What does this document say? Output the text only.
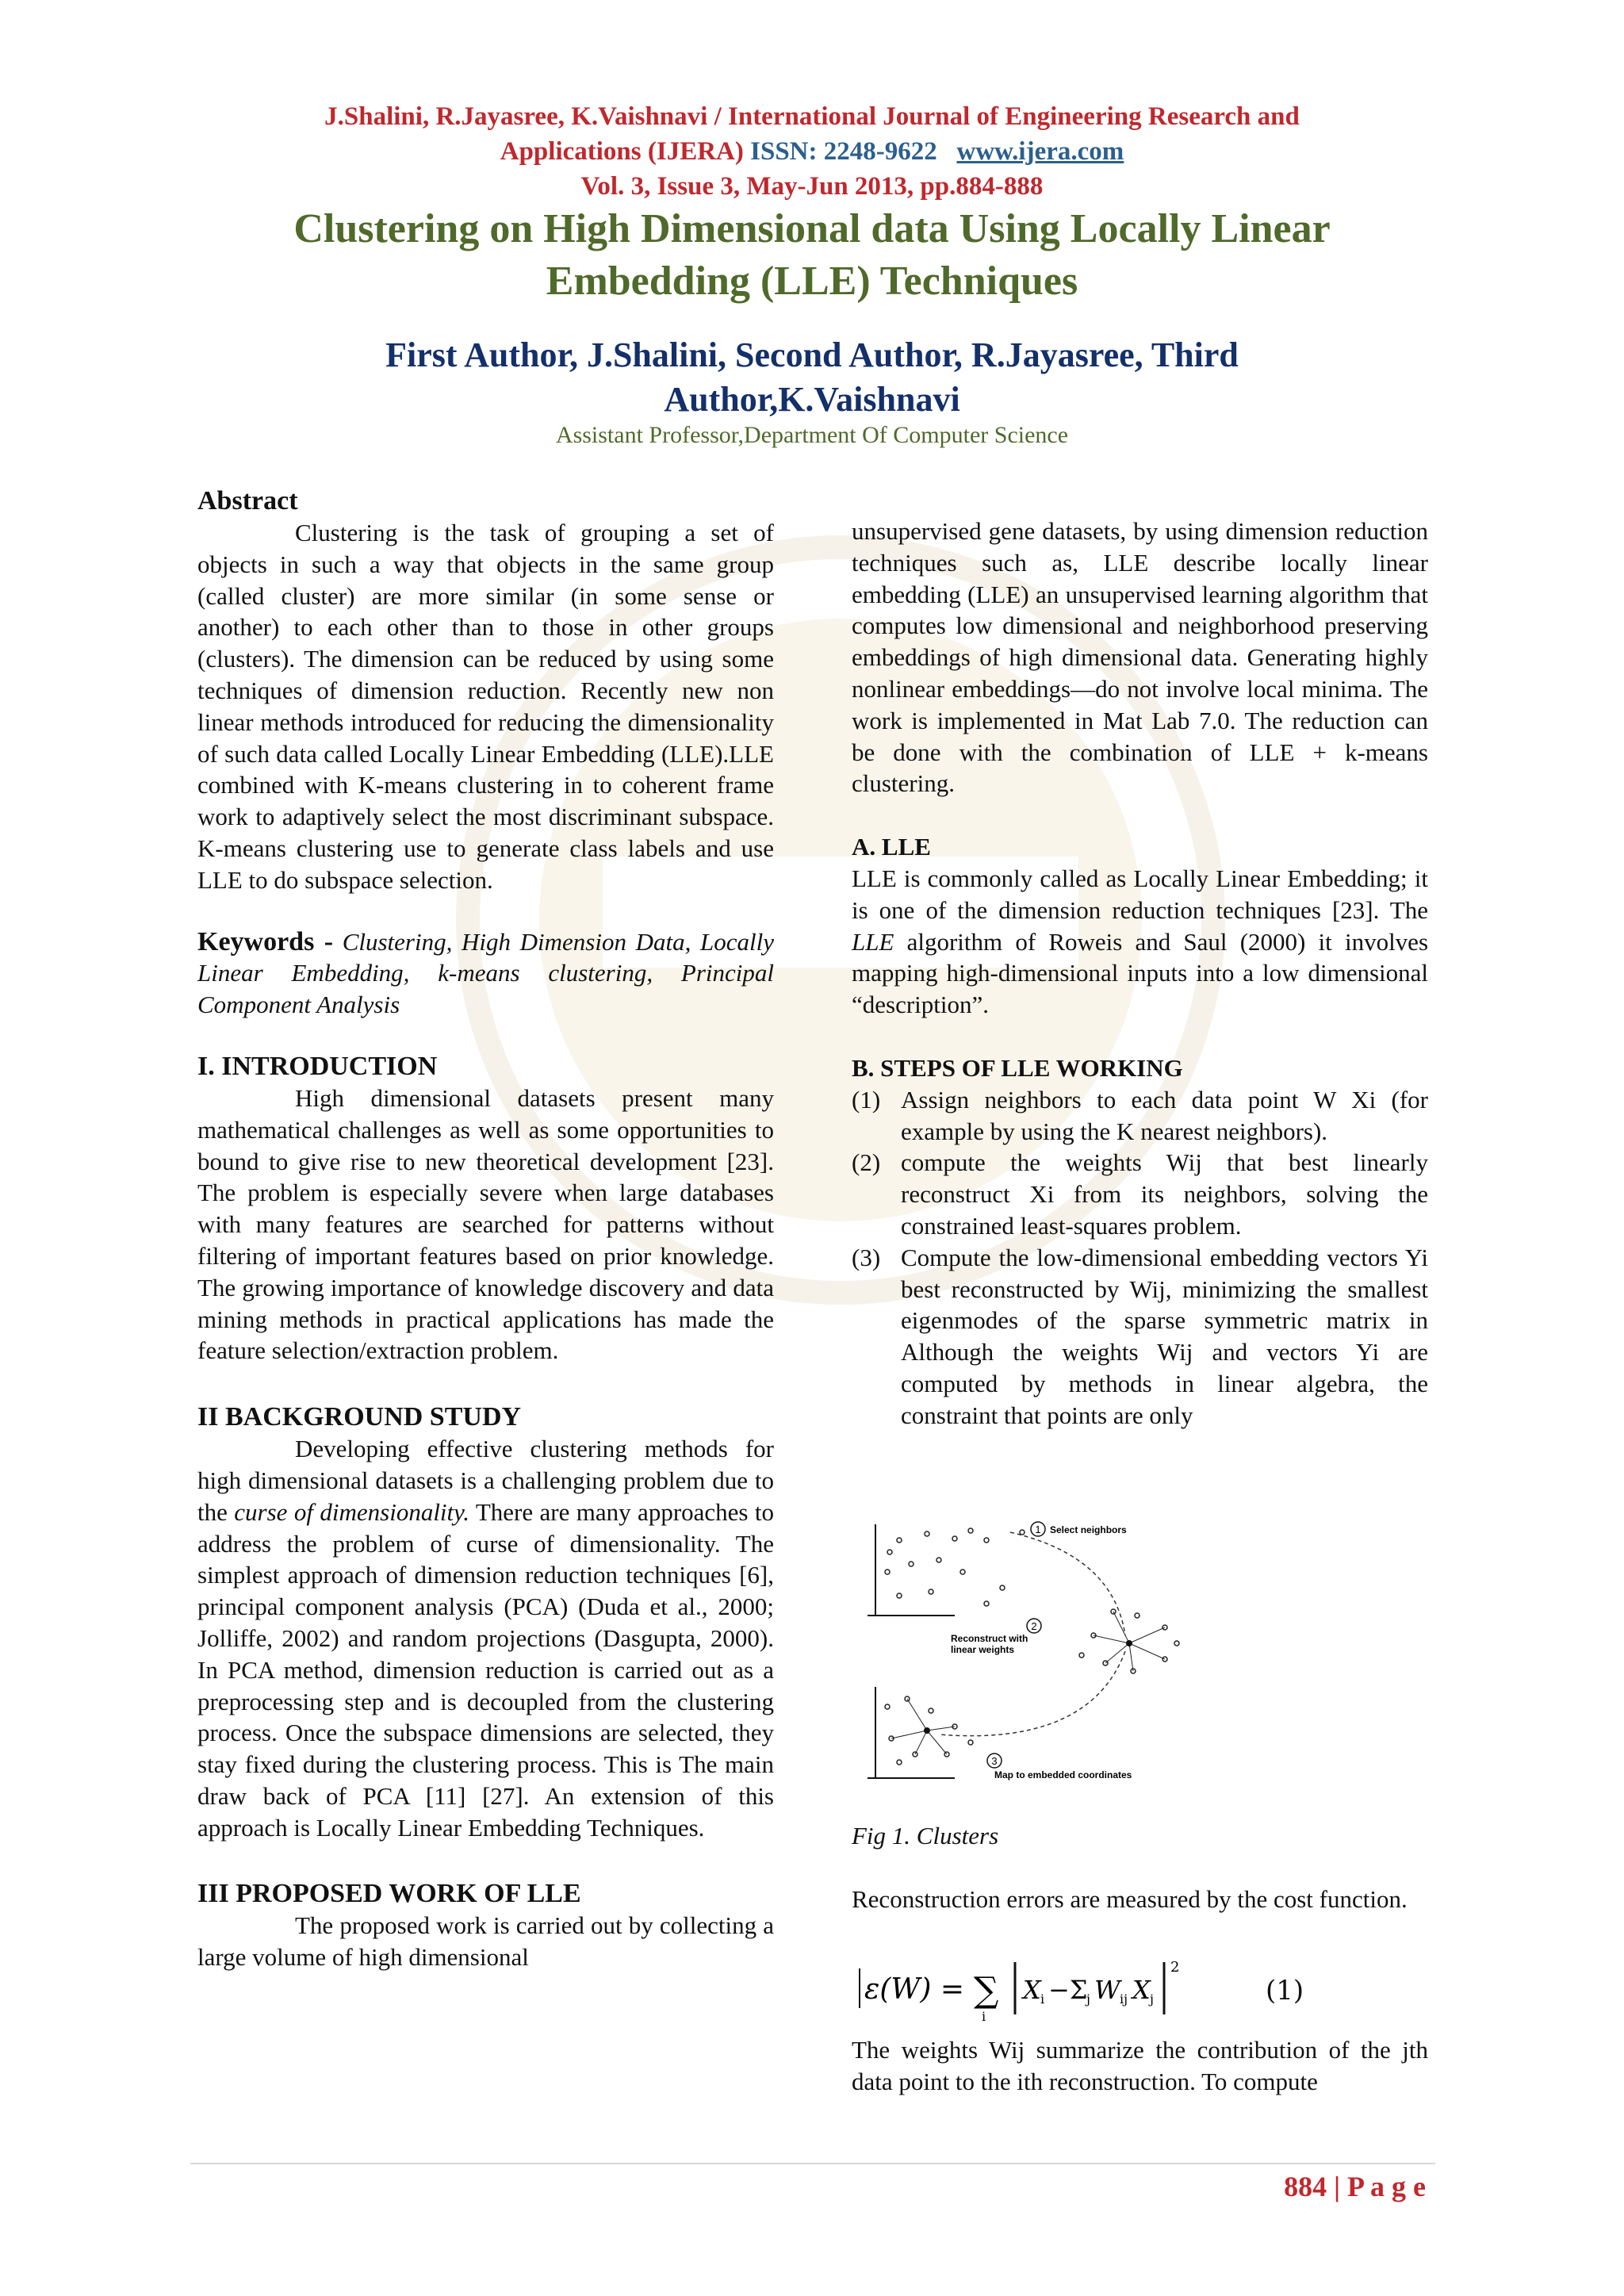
J.Shalini, R.Jayasree, K.Vaishnavi / International Journal of Engineering Research and
Applications (IJERA) ISSN: 2248-9622 www.ijera.com
Vol. 3, Issue 3, May-Jun 2013, pp.884-888
Clustering on High Dimensional data Using Locally Linear
Embedding (LLE) Techniques
First Author, J.Shalini, Second Author, R.Jayasree, Third
Author,K.Vaishnavi
Assistant Professor,Department Of Computer Science

Abstract

Clustering is the task of grouping a set of objects in such a way that objects in the same group (called cluster) are more similar (in some sense or another) to each other than to those in other groups (clusters). The dimension can be reduced by using some techniques of dimension reduction. Recently new non linear methods introduced for reducing the dimensionality of such data called Locally Linear Embedding (LLE).LLE combined with K-means clustering in to coherent frame work to adaptively select the most discriminant subspace. K-means clustering use to generate class labels and use LLE to do subspace selection.

Keywords - Clustering, High Dimension Data, Locally Linear Embedding, k-means clustering, Principal Component Analysis

I. INTRODUCTION

High dimensional datasets present many mathematical challenges as well as some opportunities to bound to give rise to new theoretical development [23]. The problem is especially severe when large databases with many features are searched for patterns without filtering of important features based on prior knowledge. The growing importance of knowledge discovery and data mining methods in practical applications has made the feature selection/extraction problem.

II BACKGROUND STUDY

Developing effective clustering methods for high dimensional datasets is a challenging problem due to the curse of dimensionality. There are many approaches to address the problem of curse of dimensionality. The simplest approach of dimension reduction techniques [6], principal component analysis (PCA) (Duda et al., 2000; Jolliffe, 2002) and random projections (Dasgupta, 2000). In PCA method, dimension reduction is carried out as a preprocessing step and is decoupled from the clustering process. Once the subspace dimensions are selected, they stay fixed during the clustering process. This is The main draw back of PCA [11] [27]. An extension of this approach is Locally Linear Embedding Techniques.

III PROPOSED WORK OF LLE

The proposed work is carried out by collecting a large volume of high dimensional

unsupervised gene datasets, by using dimension reduction techniques such as, LLE describe locally linear embedding (LLE) an unsupervised learning algorithm that computes low dimensional and neighborhood preserving embeddings of high dimensional data. Generating highly nonlinear embeddings—do not involve local minima. The work is implemented in Mat Lab 7.0. The reduction can be done with the combination of LLE + k-means clustering.

A. LLE

LLE is commonly called as Locally Linear Embedding; it is one of the dimension reduction techniques [23]. The LLE algorithm of Roweis and Saul (2000) it involves mapping high-dimensional inputs into a low dimensional “description”.

B. STEPS OF LLE WORKING

(1) Assign neighbors to each data point W Xi (for example by using the K nearest neighbors).
(2) compute the weights Wij that best linearly reconstruct Xi from its neighbors, solving the constrained least-squares problem.
(3) Compute the low-dimensional embedding vectors Yi best reconstructed by Wij, minimizing the smallest eigenmodes of the sparse symmetric matrix in Although the weights Wij and vectors Yi are computed by methods in linear algebra, the constraint that points are only
1 Select neighbors
2
Reconstruct with
linear weights
3
Map to embedded coordinates
Fig 1. Clusters
Reconstruction errors are measured by the cost function.
ε(W) = ∑
i
X i −Σ
j W ij X j
2
(1)
The weights Wij summarize the contribution of the jth data point to the ith reconstruction. To compute
884 | P a g e
